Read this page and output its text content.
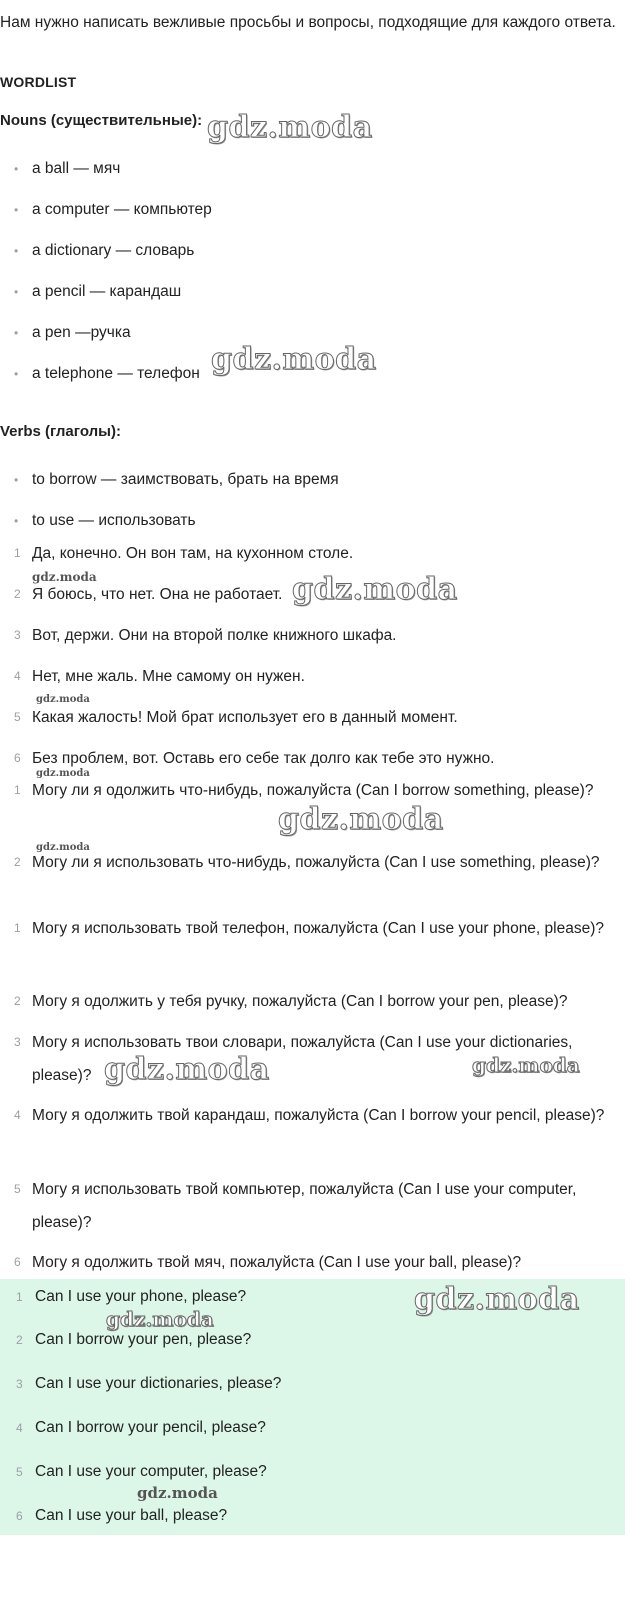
Нам нужно написать вежливые просьбы и вопросы, подходящие для каждого ответа.

WORDLIST
Nouns (существительные):

• a ball — мяч

• a computer — компьютер

• a dictionary — словарь

• a pencil — карандаш

• a pen —ручка

• a telephone — телефон

Verbs (глаголы):

• to borrow — заимствовать, брать на время

• to use — использовать

1 Да, конечно. Он вон там, на кухонном столе.

2 Я боюсь, что нет. Она не работает.

3 Вот, держи. Они на второй полке книжного шкафа.

4 Нет, мне жаль. Мне самому он нужен.

5 Какая жалость! Мой брат использует его в данный момент.

6 Без проблем, вот. Оставь его себе так долго как тебе это нужно.

1 Могу ли я одолжить что-нибудь, пожалуйста (Can I borrow something, please)?

2 Могу ли я использовать что-нибудь, пожалуйста (Can I use something, please)?

1 Могу я использовать твой телефон, пожалуйста (Can I use your phone, please)?

2 Могу я одолжить у тебя ручку, пожалуйста (Can I borrow your pen, please)?

3 Могу я использовать твои словари, пожалуйста (Can I use your dictionaries, please)?

4 Могу я одолжить твой карандаш, пожалуйста (Can I borrow your pencil, please)?

5 Могу я использовать твой компьютер, пожалуйста (Can I use your computer, please)?

6 Могу я одолжить твой мяч, пожалуйста (Can I use your ball, please)?

1 Can I use your phone, please?

2 Can I borrow your pen, please?

3 Can I use your dictionaries, please?

4 Can I borrow your pencil, please?

5 Can I use your computer, please?

6 Can I use your ball, please?

gdz.moda
gdz.moda
gdz.moda	gdz.moda
gdz.moda
gdz.moda
gdz.moda
gdz.moda
gdz.moda	gdz.moda
gdz.moda
gdz.moda
gdz.moda
